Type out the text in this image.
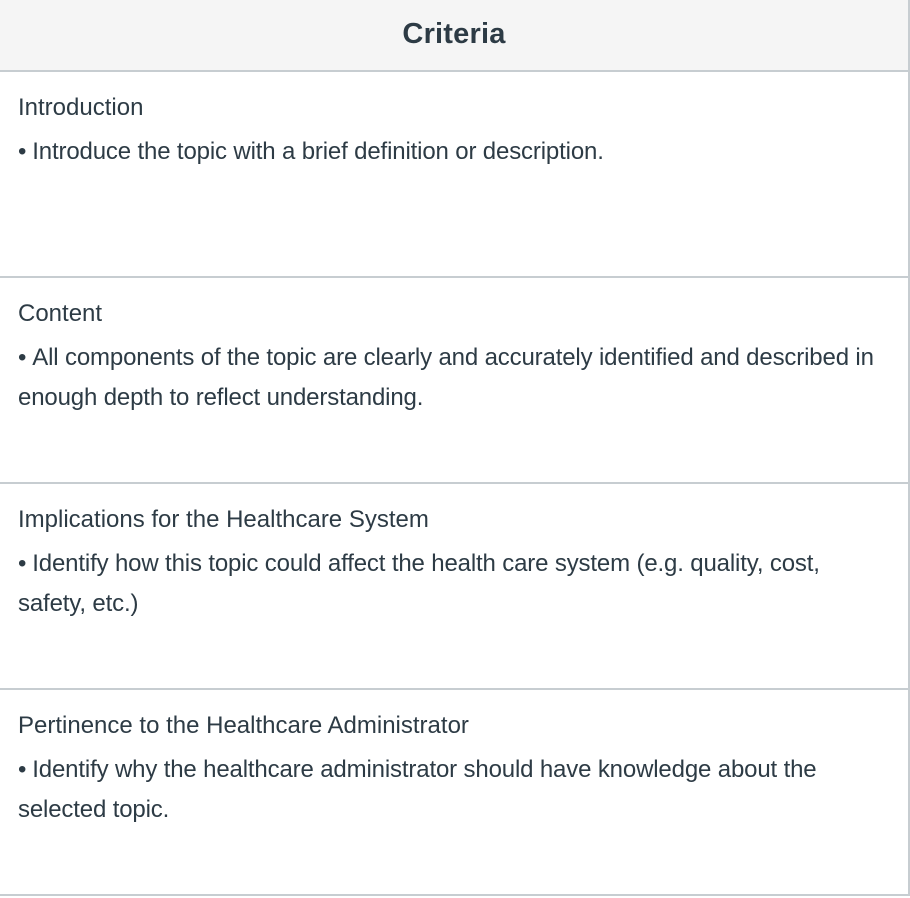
Criteria

Introduction

• Introduce the topic with a brief definition or description.

Content

• All components of the topic are clearly and accurately identified and described in enough depth to reflect understanding.

Implications for the Healthcare System

• Identify how this topic could affect the health care system (e.g. quality, cost, safety, etc.)

Pertinence to the Healthcare Administrator

• Identify why the healthcare administrator should have knowledge about the selected topic.
